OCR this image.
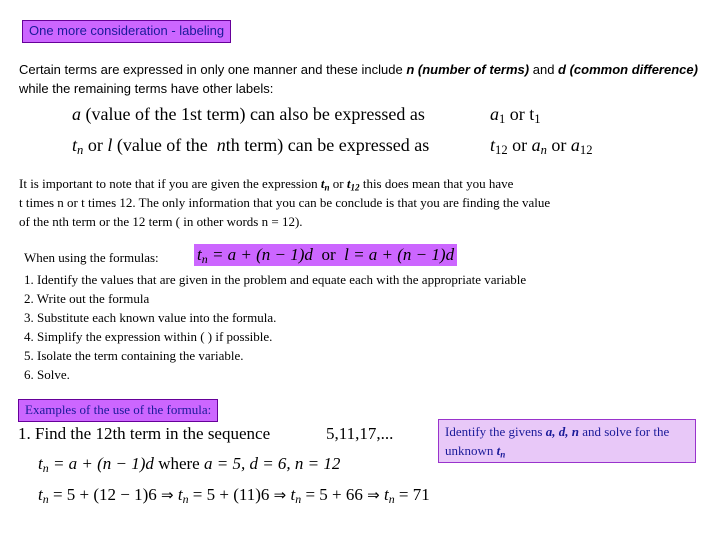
One more consideration - labeling
Certain terms are expressed in only one manner and these include n (number of terms) and d (common difference) while the remaining terms have other labels:
a (value of the 1st term) can also be expressed as	$a_1$ or $t_1$
$t_n$ or l (value of the nth term) can be expressed as	$t_{12}$ or $a_n$ or $a_{12}$
It is important to note that if you are given the expression $t_n$ or $t_{12}$ this does mean that you have
t times n or t times 12. The only information that you can be conclude is that you are finding the value
of the nth term or the 12 term ( in other words n = 12).
When using the formulas: $t_n = a + (n - 1)d$ or l = a + (n − 1)d
1. Identify the values that are given in the problem and equate each with the appropriate variable
2. Write out the formula
3. Substitute each known value into the formula.
4. Simplify the expression within ( ) if possible.
5. Isolate the term containing the variable.
6. Solve.
Examples of the use of the formula:
1. Find the 12th term in the sequence	5,11,17,...	Identify the givens a, d, n and solve for the unknown $t_n$
$t_n = a + (n - 1)d$ where a = 5, d = 6, n = 12
$t_n = 5 + (12 - 1)6$ ⇒ $t_n = 5 + (11)6$ ⇒ $t_n = 5 + 66$ ⇒ $t_n = 71$
